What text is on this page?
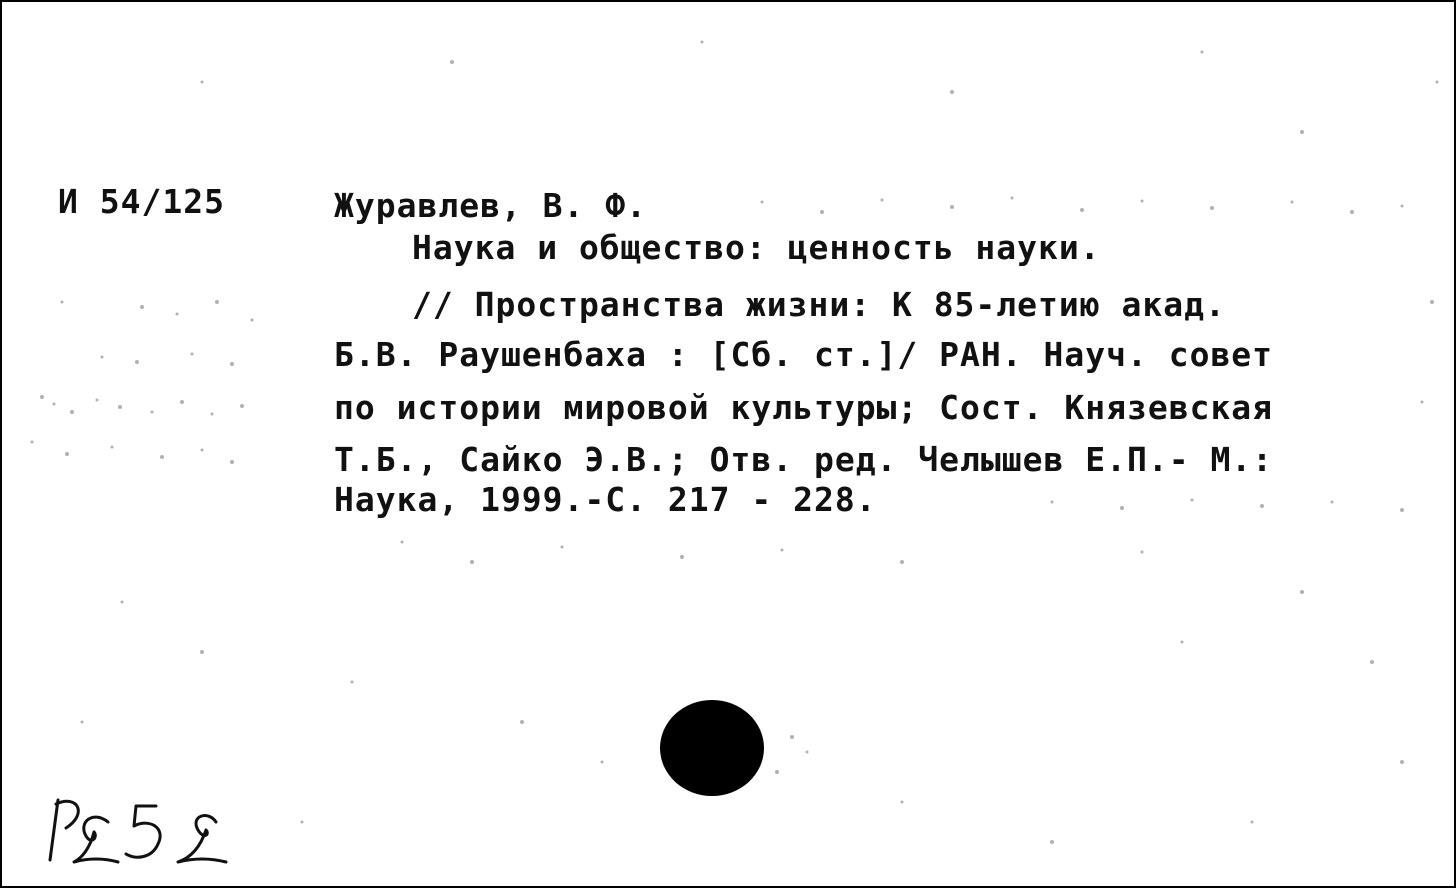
И 54/125	Журавлев, В. Ф.

Наука и общество: ценность науки.

// Пространства жизни: К 85-летию акад.

Б.В. Раушенбаха : [Сб. ст.]/ РАН. Науч. совет

по истории мировой культуры; Сост. Князевская

Т.Б., Сайко Э.В.; Отв. ред. Челышев Е.П.- М.:

Наука, 1999.-С. 217 - 228.
